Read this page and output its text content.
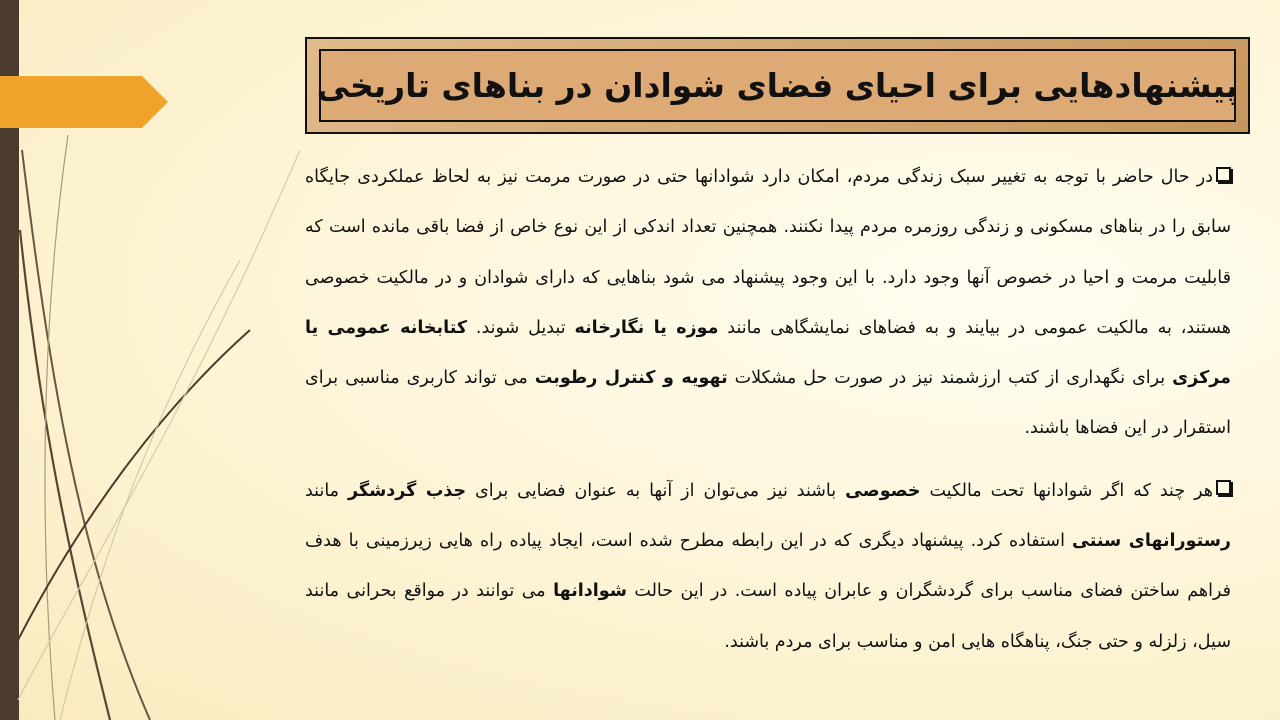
پیشنهادهایی برای احیای فضای شوادان در بناهای تاریخی

در حال حاضر با توجه به تغییر سبک زندگی مردم، امکان دارد شوادانها حتی در صورت مرمت نیز به لحاظ عملکردی جایگاه سابق را در بناهای مسکونی و زندگی روزمره مردم پیدا نکنند. همچنین تعداد اندکی از این نوع خاص از فضا باقی مانده است که قابلیت مرمت و احیا در خصوص آنها وجود دارد. با این وجود پیشنهاد می شود بناهایی که دارای شوادان و در مالکیت خصوصی هستند، به مالکیت عمومی در بیایند و به فضاهای نمایشگاهی مانند موزه یا نگارخانه تبدیل شوند. کتابخانه عمومی یا مرکزی برای نگهداری از کتب ارزشمند نیز در صورت حل مشکلات تهویه و کنترل رطوبت می تواند کاربری مناسبی برای استقرار در این فضاها باشند.

هر چند که اگر شوادانها تحت مالکیت خصوصی باشند نیز می‌توان از آنها به عنوان فضایی برای جذب گردشگر مانند رستورانهای سنتی استفاده کرد. پیشنهاد دیگری که در این رابطه مطرح شده است، ایجاد پیاده راه هایی زیرزمینی با هدف فراهم ساختن فضای مناسب برای گردشگران و عابران پیاده است. در این حالت شوادانها می توانند در مواقع بحرانی مانند سیل، زلزله و حتی جنگ، پناهگاه هایی امن و مناسب برای مردم باشند.
